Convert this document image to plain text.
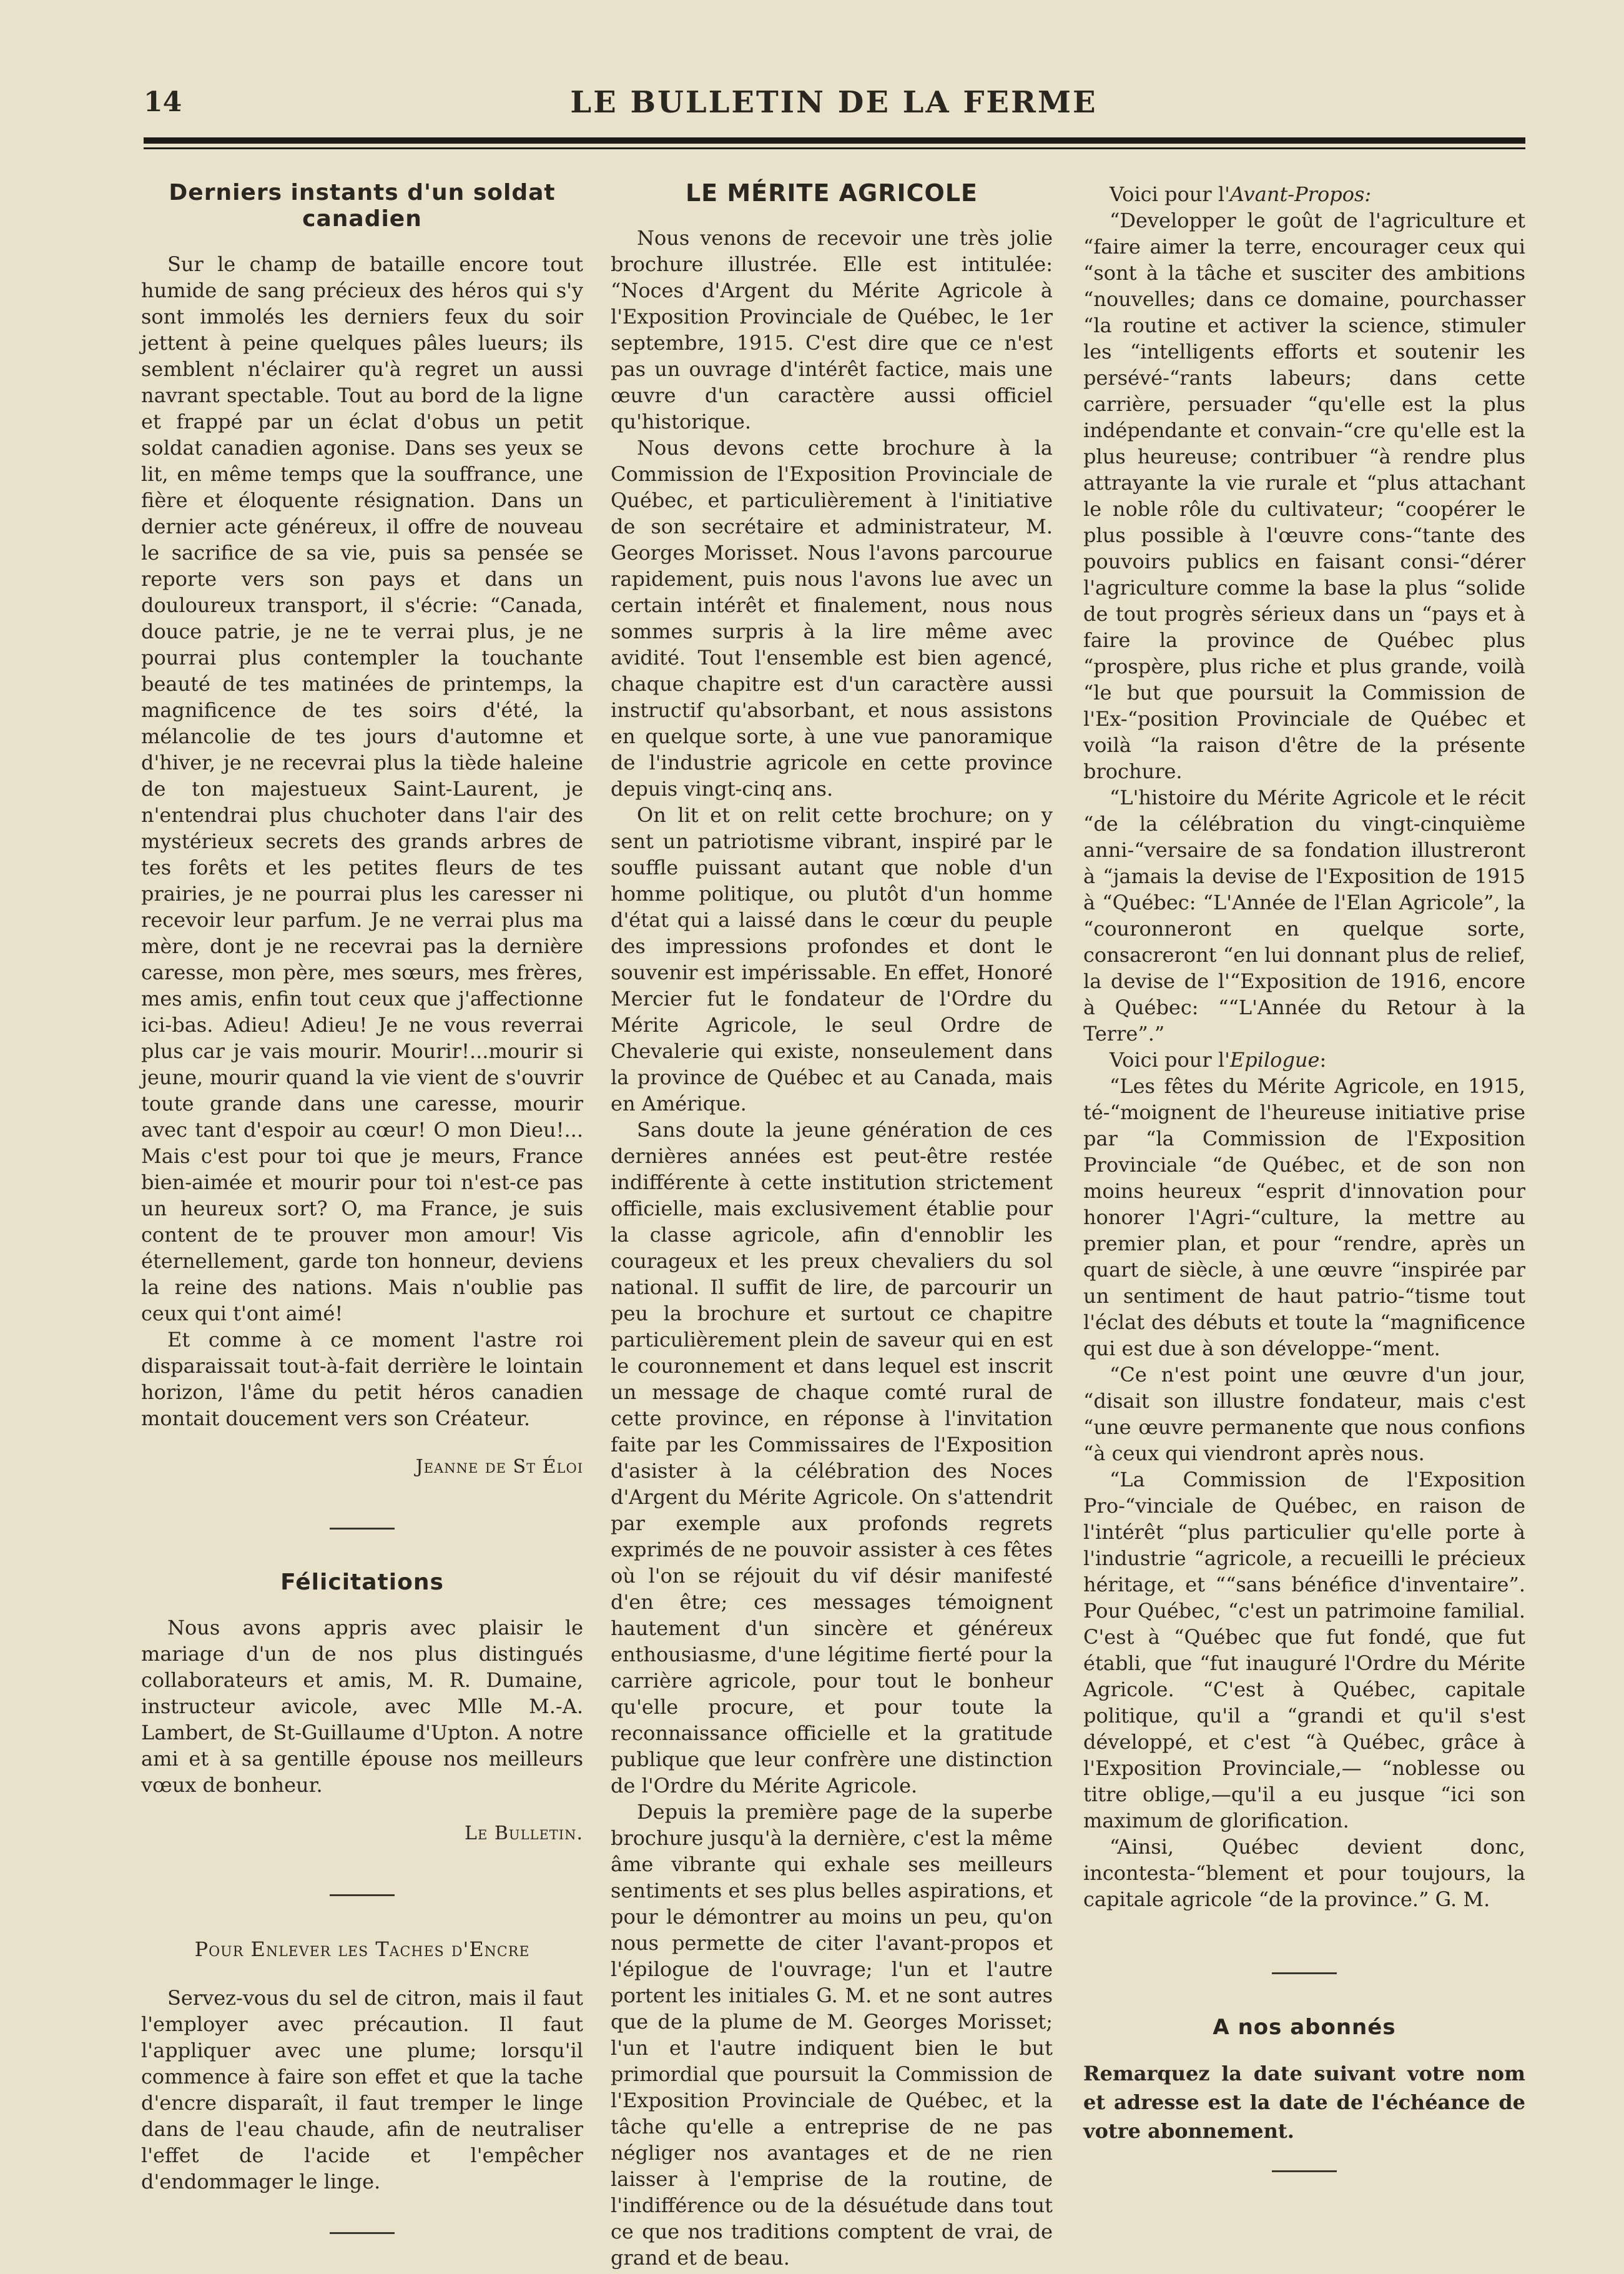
14	LE BULLETIN DE LA FERME
Derniers instants d'un soldat canadien

Sur le champ de bataille encore tout humide de sang précieux des héros qui s'y sont immolés les derniers feux du soir jettent à peine quelques pâles lueurs; ils semblent n'éclairer qu'à regret un aussi navrant spectable. Tout au bord de la ligne et frappé par un éclat d'obus un petit soldat canadien agonise. Dans ses yeux se lit, en même temps que la souffrance, une fière et éloquente résignation. Dans un dernier acte généreux, il offre de nouveau le sacrifice de sa vie, puis sa pensée se reporte vers son pays et dans un douloureux transport, il s'écrie: “Canada, douce patrie, je ne te verrai plus, je ne pourrai plus contempler la touchante beauté de tes matinées de printemps, la magnificence de tes soirs d'été, la mélancolie de tes jours d'automne et d'hiver, je ne recevrai plus la tiède haleine de ton majestueux Saint-Laurent, je n'entendrai plus chuchoter dans l'air des mystérieux secrets des grands arbres de tes forêts et les petites fleurs de tes prairies, je ne pourrai plus les caresser ni recevoir leur parfum. Je ne verrai plus ma mère, dont je ne recevrai pas la dernière caresse, mon père, mes sœurs, mes frères, mes amis, enfin tout ceux que j'affectionne ici-bas. Adieu! Adieu! Je ne vous reverrai plus car je vais mourir. Mourir!...mourir si jeune, mourir quand la vie vient de s'ouvrir toute grande dans une caresse, mourir avec tant d'espoir au cœur! O mon Dieu!... Mais c'est pour toi que je meurs, France bien-aimée et mourir pour toi n'est-ce pas un heureux sort? O, ma France, je suis content de te prouver mon amour! Vis éternellement, garde ton honneur, deviens la reine des nations. Mais n'oublie pas ceux qui t'ont aimé!

Et comme à ce moment l'astre roi disparaissait tout-à-fait derrière le lointain horizon, l'âme du petit héros canadien montait doucement vers son Créateur.

Jeanne de St Éloi
Félicitations

Nous avons appris avec plaisir le mariage d'un de nos plus distingués collaborateurs et amis, M. R. Dumaine, instructeur avicole, avec Mlle M.-A. Lambert, de St-Guillaume d'Upton. A notre ami et à sa gentille épouse nos meilleurs vœux de bonheur.

Le Bulletin.
Pour Enlever les Taches d'Encre

Servez-vous du sel de citron, mais il faut l'employer avec précaution. Il faut l'appliquer avec une plume; lorsqu'il commence à faire son effet et que la tache d'encre disparaît, il faut tremper le linge dans de l'eau chaude, afin de neutraliser l'effet de l'acide et l'empêcher d'endommager le linge.

LE MÉRITE AGRICOLE

Nous venons de recevoir une très jolie brochure illustrée. Elle est intitulée: “Noces d'Argent du Mérite Agricole à l'Exposition Provinciale de Québec, le 1er septembre, 1915. C'est dire que ce n'est pas un ouvrage d'intérêt factice, mais une œuvre d'un caractère aussi officiel qu'historique.

Nous devons cette brochure à la Commission de l'Exposition Provinciale de Québec, et particulièrement à l'initiative de son secrétaire et administrateur, M. Georges Morisset. Nous l'avons parcourue rapidement, puis nous l'avons lue avec un certain intérêt et finalement, nous nous sommes surpris à la lire même avec avidité. Tout l'ensemble est bien agencé, chaque chapitre est d'un caractère aussi instructif qu'absorbant, et nous assistons en quelque sorte, à une vue panoramique de l'industrie agricole en cette province depuis vingt-cinq ans.

On lit et on relit cette brochure; on y sent un patriotisme vibrant, inspiré par le souffle puissant autant que noble d'un homme politique, ou plutôt d'un homme d'état qui a laissé dans le cœur du peuple des impressions profondes et dont le souvenir est impérissable. En effet, Honoré Mercier fut le fondateur de l'Ordre du Mérite Agricole, le seul Ordre de Chevalerie qui existe, nonseulement dans la province de Québec et au Canada, mais en Amérique.

Sans doute la jeune génération de ces dernières années est peut-être restée indifférente à cette institution strictement officielle, mais exclusivement établie pour la classe agricole, afin d'ennoblir les courageux et les preux chevaliers du sol national. Il suffit de lire, de parcourir un peu la brochure et surtout ce chapitre particulièrement plein de saveur qui en est le couronnement et dans lequel est inscrit un message de chaque comté rural de cette province, en réponse à l'invitation faite par les Commissaires de l'Exposition d'asister à la célébration des Noces d'Argent du Mérite Agricole. On s'attendrit par exemple aux profonds regrets exprimés de ne pouvoir assister à ces fêtes où l'on se réjouit du vif désir manifesté d'en être; ces messages témoignent hautement d'un sincère et généreux enthousiasme, d'une légitime fierté pour la carrière agricole, pour tout le bonheur qu'elle procure, et pour toute la reconnaissance officielle et la gratitude publique que leur confrère une distinction de l'Ordre du Mérite Agricole.

Depuis la première page de la superbe brochure jusqu'à la dernière, c'est la même âme vibrante qui exhale ses meilleurs sentiments et ses plus belles aspirations, et pour le démontrer au moins un peu, qu'on nous permette de citer l'avant-propos et l'épilogue de l'ouvrage; l'un et l'autre portent les initiales G. M. et ne sont autres que de la plume de M. Georges Morisset; l'un et l'autre indiquent bien le but primordial que poursuit la Commission de l'Exposition Provinciale de Québec, et la tâche qu'elle a entreprise de ne pas négliger nos avantages et de ne rien laisser à l'emprise de la routine, de l'indifférence ou de la désuétude dans tout ce que nos traditions comptent de vrai, de grand et de beau.

Voici pour l'Avant-Propos:

“Developper le goût de l'agriculture et “faire aimer la terre, encourager ceux qui “sont à la tâche et susciter des ambitions “nouvelles; dans ce domaine, pourchasser “la routine et activer la science, stimuler les “intelligents efforts et soutenir les persévé-“rants labeurs; dans cette carrière, persuader “qu'elle est la plus indépendante et convain-“cre qu'elle est la plus heureuse; contribuer “à rendre plus attrayante la vie rurale et “plus attachant le noble rôle du cultivateur; “coopérer le plus possible à l'œuvre cons-“tante des pouvoirs publics en faisant consi-“dérer l'agriculture comme la base la plus “solide de tout progrès sérieux dans un “pays et à faire la province de Québec plus “prospère, plus riche et plus grande, voilà “le but que poursuit la Commission de l'Ex-“position Provinciale de Québec et voilà “la raison d'être de la présente brochure.

“L'histoire du Mérite Agricole et le récit “de la célébration du vingt-cinquième anni-“versaire de sa fondation illustreront à “jamais la devise de l'Exposition de 1915 à “Québec: “L'Année de l'Elan Agricole”, la “couronneront en quelque sorte, consacreront “en lui donnant plus de relief, la devise de l'“Exposition de 1916, encore à Québec: ““L'Année du Retour à la Terre”.”

Voici pour l'Epilogue:

“Les fêtes du Mérite Agricole, en 1915, té-“moignent de l'heureuse initiative prise par “la Commission de l'Exposition Provinciale “de Québec, et de son non moins heureux “esprit d'innovation pour honorer l'Agri-“culture, la mettre au premier plan, et pour “rendre, après un quart de siècle, à une œuvre “inspirée par un sentiment de haut patrio-“tisme tout l'éclat des débuts et toute la “magnificence qui est due à son développe-“ment.

“Ce n'est point une œuvre d'un jour, “disait son illustre fondateur, mais c'est “une œuvre permanente que nous confions “à ceux qui viendront après nous.

“La Commission de l'Exposition Pro-“vinciale de Québec, en raison de l'intérêt “plus particulier qu'elle porte à l'industrie “agricole, a recueilli le précieux héritage, et ““sans bénéfice d'inventaire”. Pour Québec, “c'est un patrimoine familial. C'est à “Québec que fut fondé, que fut établi, que “fut inauguré l'Ordre du Mérite Agricole. “C'est à Québec, capitale politique, qu'il a “grandi et qu'il s'est développé, et c'est “à Québec, grâce à l'Exposition Provinciale,— “noblesse ou titre oblige,—qu'il a eu jusque “ici son maximum de glorification.

“Ainsi, Québec devient donc, incontesta-“blement et pour toujours, la capitale agricole “de la province.” G. M.

A nos abonnés

Remarquez la date suivant votre nom et adresse est la date de l'échéance de votre abonnement.
